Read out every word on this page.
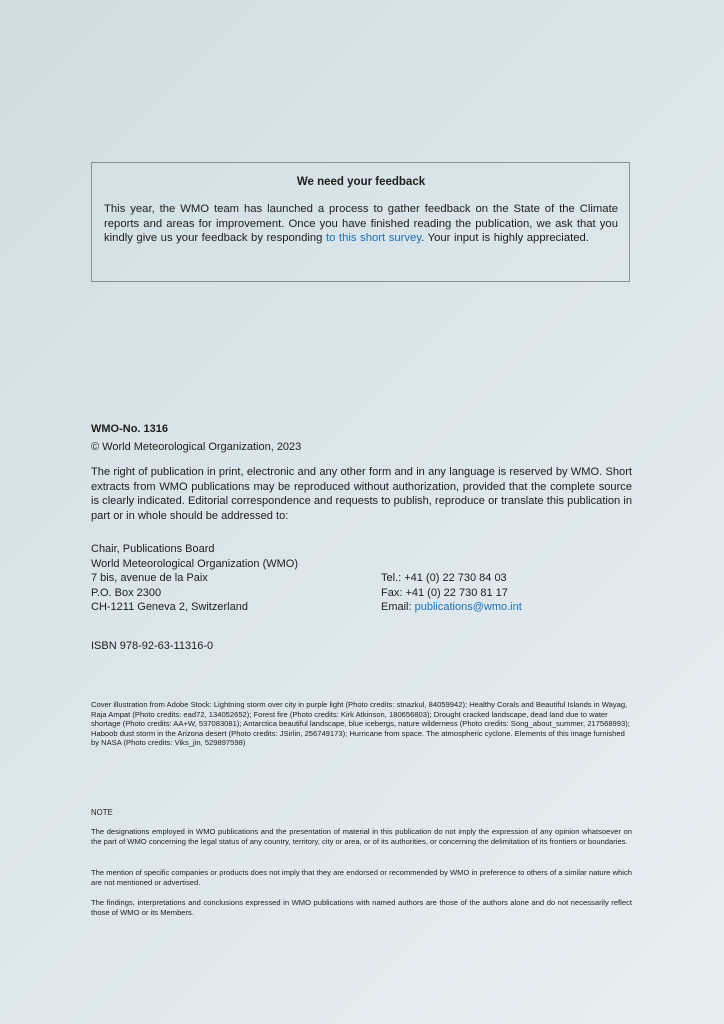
We need your feedback

This year, the WMO team has launched a process to gather feedback on the State of the Climate reports and areas for improvement. Once you have finished reading the publication, we ask that you kindly give us your feedback by responding to this short survey. Your input is highly appreciated.

WMO-No. 1316
© World Meteorological Organization, 2023

The right of publication in print, electronic and any other form and in any language is reserved by WMO. Short extracts from WMO publications may be reproduced without authorization, provided that the complete source is clearly indicated. Editorial correspondence and requests to publish, reproduce or translate this publication in part or in whole should be addressed to:

Chair, Publications Board
World Meteorological Organization (WMO)
7 bis, avenue de la Paix
P.O. Box 2300
CH-1211 Geneva 2, Switzerland
Tel.: +41 (0) 22 730 84 03
Fax: +41 (0) 22 730 81 17
Email: publications@wmo.int
ISBN 978-92-63-11316-0

Cover illustration from Adobe Stock: Lightning storm over city in purple light (Photo credits: stnazkul, 84059942); Healthy Corals and Beautiful Islands in Wayag, Raja Ampat (Photo credits: ead72, 134052652); Forest fire (Photo credits: Kirk Atkinson, 180656803); Drought cracked landscape, dead land due to water shortage (Photo credits: AA+W, 537083081); Antarctica beautiful landscape, blue icebergs, nature wilderness (Photo credits: Song_about_summer, 217568993); Haboob dust storm in the Arizona desert (Photo credits: JSirlin, 256749173); Hurricane from space. The atmospheric cyclone. Elements of this image furnished by NASA (Photo credits: Viks_jin, 529897598)

NOTE

The designations employed in WMO publications and the presentation of material in this publication do not imply the expression of any opinion whatsoever on the part of WMO concerning the legal status of any country, territory, city or area, or of its authorities, or concerning the delimitation of its frontiers or boundaries.

The mention of specific companies or products does not imply that they are endorsed or recommended by WMO in preference to others of a similar nature which are not mentioned or advertised.

The findings, interpretations and conclusions expressed in WMO publications with named authors are those of the authors alone and do not necessarily reflect those of WMO or its Members.
